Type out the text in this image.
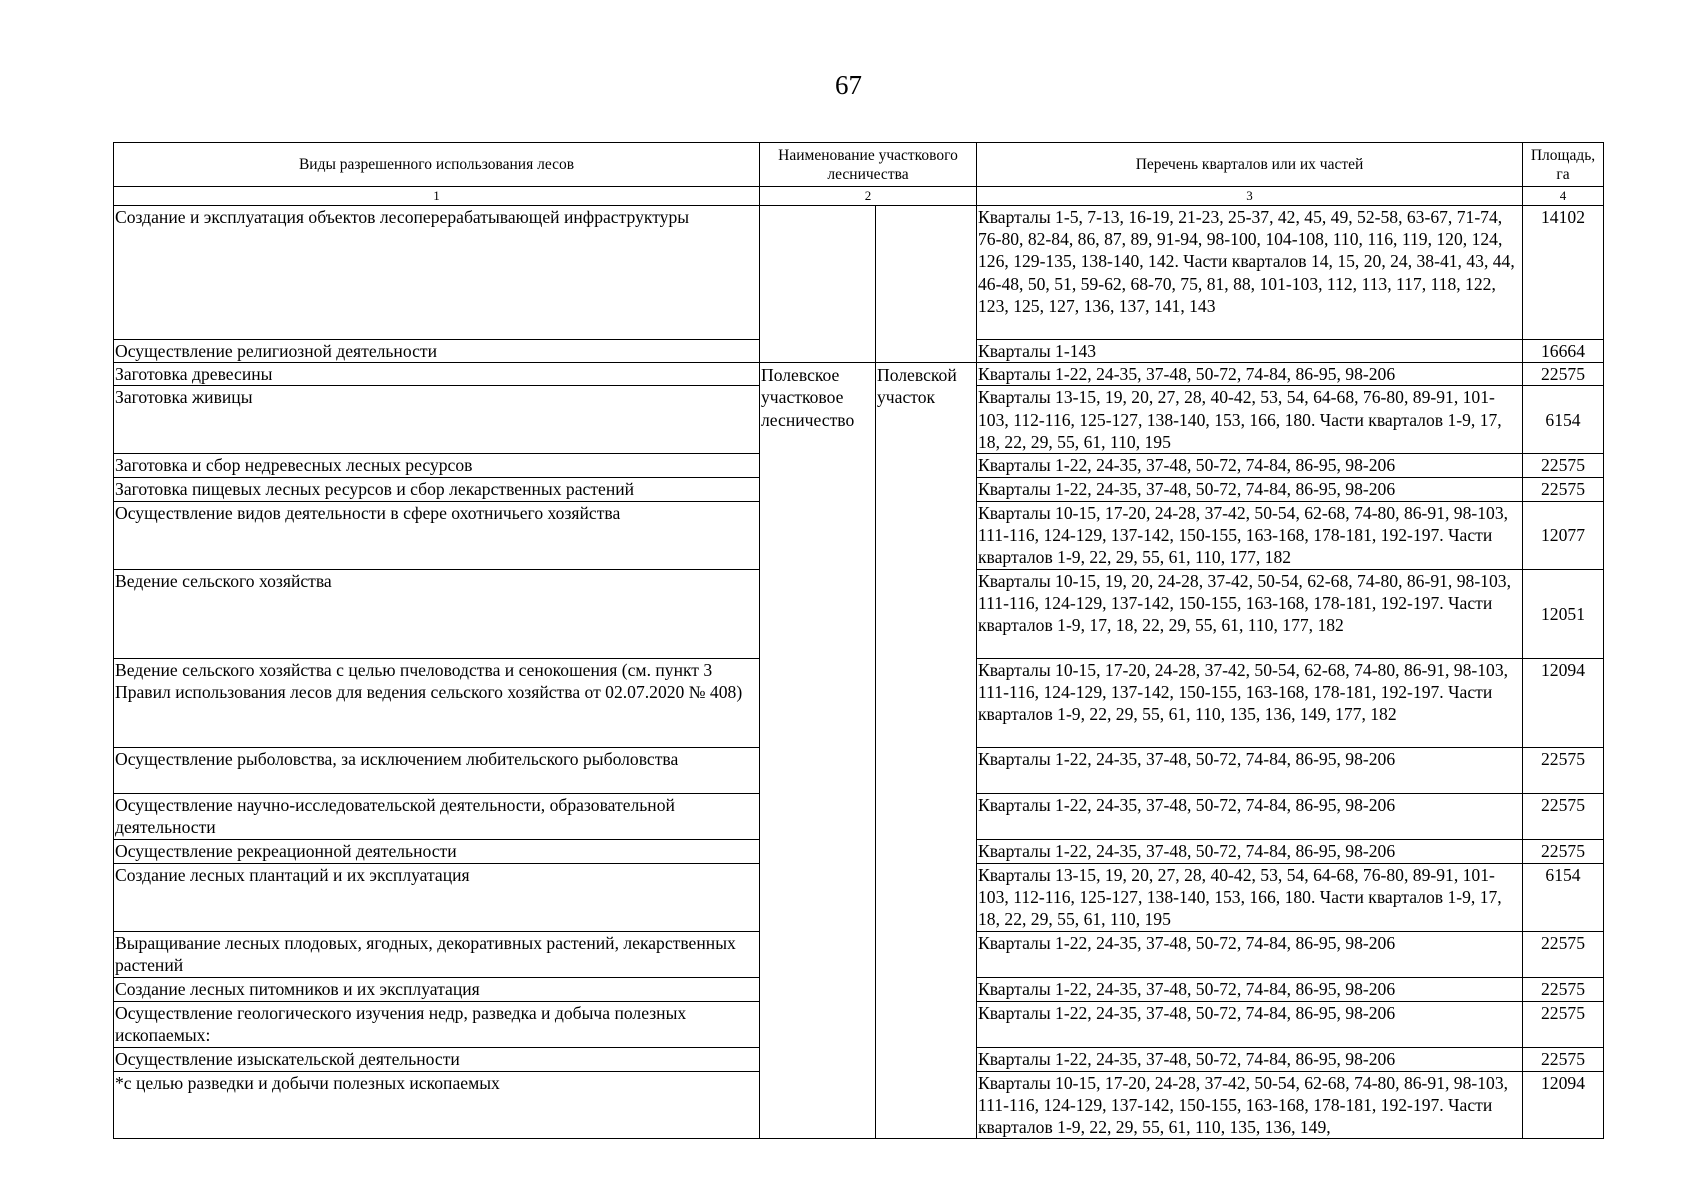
67
Виды разрешенного использования лесов	Наименование участкового лесничества		Перечень кварталов или их частей	Площадь, га
1	2		3	4
Создание и эксплуатация объектов лесоперерабатывающей инфраструктуры			Кварталы 1-5, 7-13, 16-19, 21-23, 25-37, 42, 45, 49, 52-58, 63-67, 71-74, 76-80, 82-84, 86, 87, 89, 91-94, 98-100, 104-108, 110, 116, 119, 120, 124, 126, 129-135, 138-140, 142. Части кварталов 14, 15, 20, 24, 38-41, 43, 44, 46-48, 50, 51, 59-62, 68-70, 75, 81, 88, 101-103, 112, 113, 117, 118, 122, 123, 125, 127, 136, 137, 141, 143	14102
Осуществление религиозной деятельности			Кварталы 1-143	16664
Заготовка древесины	Полевское участковое лесничество	Полевской участок	Кварталы 1-22, 24-35, 37-48, 50-72, 74-84, 86-95, 98-206	22575
Заготовка живицы			Кварталы 13-15, 19, 20, 27, 28, 40-42, 53, 54, 64-68, 76-80, 89-91, 101-103, 112-116, 125-127, 138-140, 153, 166, 180. Части кварталов 1-9, 17, 18, 22, 29, 55, 61, 110, 195	6154
Заготовка и сбор недревесных лесных ресурсов			Кварталы 1-22, 24-35, 37-48, 50-72, 74-84, 86-95, 98-206	22575
Заготовка пищевых лесных ресурсов и сбор лекарственных растений			Кварталы 1-22, 24-35, 37-48, 50-72, 74-84, 86-95, 98-206	22575
Осуществление видов деятельности в сфере охотничьего хозяйства			Кварталы 10-15, 17-20, 24-28, 37-42, 50-54, 62-68, 74-80, 86-91, 98-103, 111-116, 124-129, 137-142, 150-155, 163-168, 178-181, 192-197. Части кварталов 1-9, 22, 29, 55, 61, 110, 177, 182	12077
Ведение сельского хозяйства			Кварталы 10-15, 19, 20, 24-28, 37-42, 50-54, 62-68, 74-80, 86-91, 98-103, 111-116, 124-129, 137-142, 150-155, 163-168, 178-181, 192-197. Части кварталов 1-9, 17, 18, 22, 29, 55, 61, 110, 177, 182	12051
Ведение сельского хозяйства с целью пчеловодства и сенокошения (см. пункт 3 Правил использования лесов для ведения сельского хозяйства от 02.07.2020 № 408)			Кварталы 10-15, 17-20, 24-28, 37-42, 50-54, 62-68, 74-80, 86-91, 98-103, 111-116, 124-129, 137-142, 150-155, 163-168, 178-181, 192-197. Части кварталов 1-9, 22, 29, 55, 61, 110, 135, 136, 149, 177, 182	12094
Осуществление рыболовства, за исключением любительского рыболовства			Кварталы 1-22, 24-35, 37-48, 50-72, 74-84, 86-95, 98-206	22575
Осуществление научно-исследовательской деятельности, образовательной деятельности			Кварталы 1-22, 24-35, 37-48, 50-72, 74-84, 86-95, 98-206	22575
Осуществление рекреационной деятельности			Кварталы 1-22, 24-35, 37-48, 50-72, 74-84, 86-95, 98-206	22575
Создание лесных плантаций и их эксплуатация			Кварталы 13-15, 19, 20, 27, 28, 40-42, 53, 54, 64-68, 76-80, 89-91, 101-103, 112-116, 125-127, 138-140, 153, 166, 180. Части кварталов 1-9, 17, 18, 22, 29, 55, 61, 110, 195	6154
Выращивание лесных плодовых, ягодных, декоративных растений, лекарственных растений			Кварталы 1-22, 24-35, 37-48, 50-72, 74-84, 86-95, 98-206	22575
Создание лесных питомников и их эксплуатация			Кварталы 1-22, 24-35, 37-48, 50-72, 74-84, 86-95, 98-206	22575
Осуществление геологического изучения недр, разведка и добыча полезных ископаемых:			Кварталы 1-22, 24-35, 37-48, 50-72, 74-84, 86-95, 98-206	22575
Осуществление изыскательской деятельности			Кварталы 1-22, 24-35, 37-48, 50-72, 74-84, 86-95, 98-206	22575
*с целью разведки и добычи полезных ископаемых			Кварталы 10-15, 17-20, 24-28, 37-42, 50-54, 62-68, 74-80, 86-91, 98-103, 111-116, 124-129, 137-142, 150-155, 163-168, 178-181, 192-197. Части кварталов 1-9, 22, 29, 55, 61, 110, 135, 136, 149,	12094
